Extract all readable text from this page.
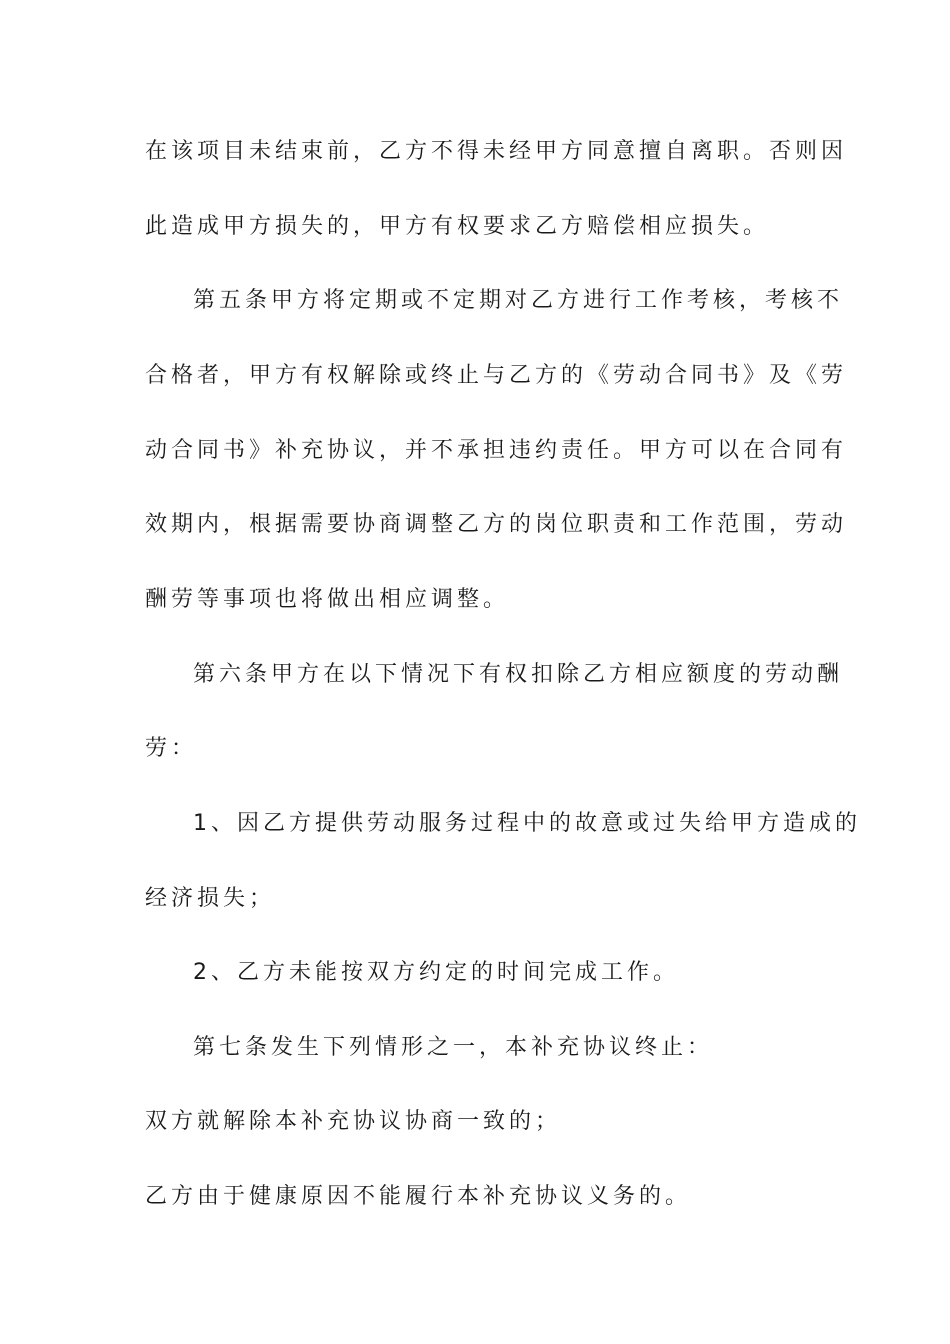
在该项目未结束前，乙方不得未经甲方同意擅自离职。否则因
此造成甲方损失的，甲方有权要求乙方赔偿相应损失。
第五条甲方将定期或不定期对乙方进行工作考核，考核不
合格者，甲方有权解除或终止与乙方的《劳动合同书》及《劳
动合同书》补充协议，并不承担违约责任。甲方可以在合同有
效期内，根据需要协商调整乙方的岗位职责和工作范围，劳动
酬劳等事项也将做出相应调整。
第六条甲方在以下情况下有权扣除乙方相应额度的劳动酬
劳：
1、因乙方提供劳动服务过程中的故意或过失给甲方造成的
经济损失；
2、乙方未能按双方约定的时间完成工作。
第七条发生下列情形之一，本补充协议终止：
双方就解除本补充协议协商一致的；
乙方由于健康原因不能履行本补充协议义务的。
